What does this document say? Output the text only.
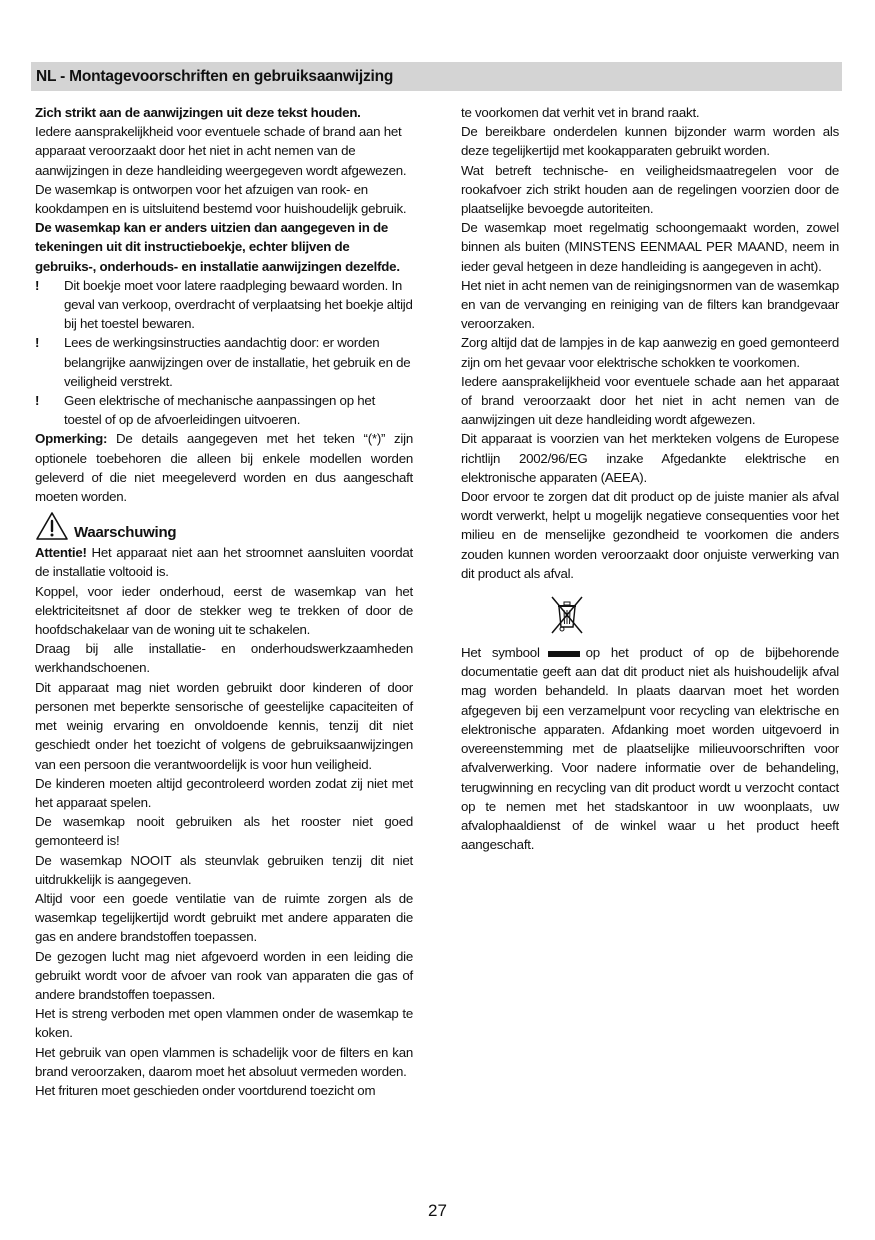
NL - Montagevoorschriften en gebruiksaanwijzing

Zich strikt aan de aanwijzingen uit deze tekst houden.

Iedere aansprakelijkheid voor eventuele schade of brand aan het apparaat veroorzaakt door het niet in acht nemen van de aanwijzingen in deze handleiding weergegeven wordt afgewezen. De wasemkap is ontworpen voor het afzuigen van rook- en kookdampen en is uitsluitend bestemd voor huishoudelijk gebruik.

De wasemkap kan er anders uitzien dan aangegeven in de tekeningen uit dit instructieboekje, echter blijven de gebruiks-, onderhouds- en installatie aanwijzingen dezelfde.

! Dit boekje moet voor latere raadpleging bewaard worden. In geval van verkoop, overdracht of verplaatsing het boekje altijd bij het toestel bewaren.

! Lees de werkingsinstructies aandachtig door: er worden belangrijke aanwijzingen over de installatie, het gebruik en de veiligheid verstrekt.

! Geen elektrische of mechanische aanpassingen op het toestel of op de afvoerleidingen uitvoeren.

Opmerking: De details aangegeven met het teken “(*)” zijn optionele toebehoren die alleen bij enkele modellen worden geleverd of die niet meegeleverd worden en dus aangeschaft moeten worden.

Waarschuwing

Attentie! Het apparaat niet aan het stroomnet aansluiten voordat de installatie voltooid is.

Koppel, voor ieder onderhoud, eerst de wasemkap van het elektriciteitsnet af door de stekker weg te trekken of door de hoofdschakelaar van de woning uit te schakelen.

Draag bij alle installatie- en onderhoudswerkzaamheden werkhandschoenen.

Dit apparaat mag niet worden gebruikt door kinderen of door personen met beperkte sensorische of geestelijke capaciteiten of met weinig ervaring en onvoldoende kennis, tenzij dit niet geschiedt onder het toezicht of volgens de gebruiksaanwijzingen van een persoon die verantwoordelijk is voor hun veiligheid.

De kinderen moeten altijd gecontroleerd worden zodat zij niet met het apparaat spelen.

De wasemkap nooit gebruiken als het rooster niet goed gemonteerd is!

De wasemkap NOOIT als steunvlak gebruiken tenzij dit niet uitdrukkelijk is aangegeven.

Altijd voor een goede ventilatie van de ruimte zorgen als de wasemkap tegelijkertijd wordt gebruikt met andere apparaten die gas en andere brandstoffen toepassen.

De gezogen lucht mag niet afgevoerd worden in een leiding die gebruikt wordt voor de afvoer van rook van apparaten die gas of andere brandstoffen toepassen.

Het is streng verboden met open vlammen onder de wasemkap te koken.

Het gebruik van open vlammen is schadelijk voor de filters en kan brand veroorzaken, daarom moet het absoluut vermeden worden.

Het frituren moet geschieden onder voortdurend toezicht om

te voorkomen dat verhit vet in brand raakt.

De bereikbare onderdelen kunnen bijzonder warm worden als deze tegelijkertijd met kookapparaten gebruikt worden.

Wat betreft technische- en veiligheidsmaatregelen voor de rookafvoer zich strikt houden aan de regelingen voorzien door de plaatselijke bevoegde autoriteiten.

De wasemkap moet regelmatig schoongemaakt worden, zowel binnen als buiten (MINSTENS EENMAAL PER MAAND, neem in ieder geval hetgeen in deze handleiding is aangegeven in acht).

Het niet in acht nemen van de reinigingsnormen van de wasemkap en van de vervanging en reiniging van de filters kan brandgevaar veroorzaken.

Zorg altijd dat de lampjes in de kap aanwezig en goed gemonteerd zijn om het gevaar voor elektrische schokken te voorkomen.

Iedere aansprakelijkheid voor eventuele schade aan het apparaat of brand veroorzaakt door het niet in acht nemen van de aanwijzingen uit deze handleiding wordt afgewezen.

Dit apparaat is voorzien van het merkteken volgens de Europese richtlijn 2002/96/EG inzake Afgedankte elektrische en elektronische apparaten (AEEA).

Door ervoor te zorgen dat dit product op de juiste manier als afval wordt verwerkt, helpt u mogelijk negatieve consequenties voor het milieu en de menselijke gezondheid te voorkomen die anders zouden kunnen worden veroorzaakt door onjuiste verwerking van dit product als afval.

Het symbool	op het product of op de bijbehorende documentatie geeft aan dat dit product niet als huishoudelijk afval mag worden behandeld. In plaats daarvan moet het worden afgegeven bij een verzamelpunt voor recycling van elektrische en elektronische apparaten. Afdanking moet worden uitgevoerd in overeenstemming met de plaatselijke milieuvoorschriften voor afvalverwerking. Voor nadere informatie over de behandeling, terugwinning en recycling van dit product wordt u verzocht contact op te nemen met het stadskantoor in uw woonplaats, uw afvalophaaldienst of de winkel waar u het product heeft aangeschaft.

27
